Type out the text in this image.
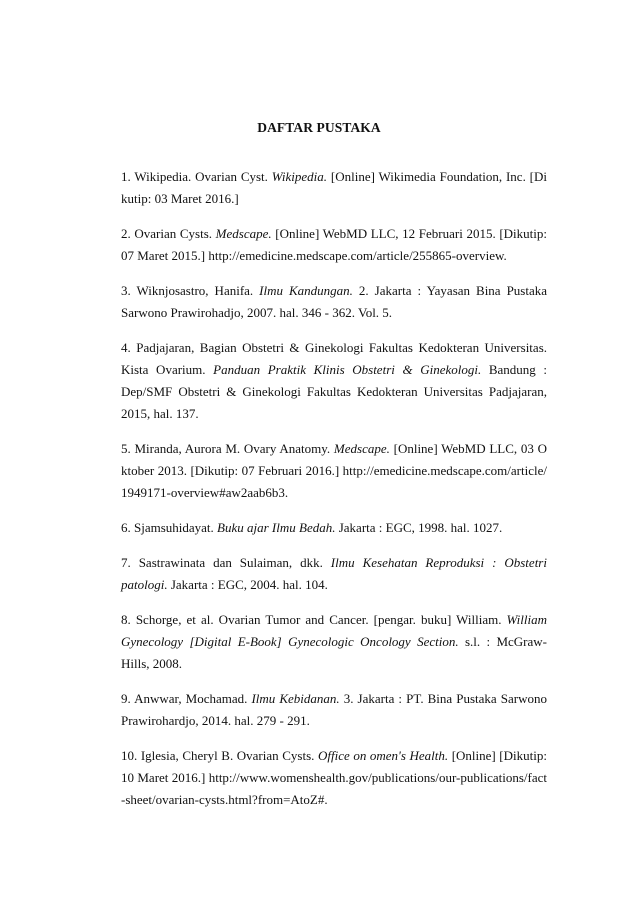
DAFTAR PUSTAKA

1. Wikipedia. Ovarian Cyst. Wikipedia. [Online] Wikimedia Foundation, Inc. [Dikutip: 03 Maret 2016.]

2. Ovarian Cysts. Medscape. [Online] WebMD LLC, 12 Februari 2015. [Dikutip: 07 Maret 2015.] http://emedicine.medscape.com/article/255865-overview.

3. Wiknjosastro, Hanifa. Ilmu Kandungan. 2. Jakarta : Yayasan Bina Pustaka Sarwono Prawirohadjo, 2007. hal. 346 - 362. Vol. 5.

4. Padjajaran, Bagian Obstetri & Ginekologi Fakultas Kedokteran Universitas. Kista Ovarium. Panduan Praktik Klinis Obstetri & Ginekologi. Bandung : Dep/SMF Obstetri & Ginekologi Fakultas Kedokteran Universitas Padjajaran, 2015, hal. 137.

5. Miranda, Aurora M. Ovary Anatomy. Medscape. [Online] WebMD LLC, 03 Oktober 2013. [Dikutip: 07 Februari 2016.] http://emedicine.medscape.com/article/1949171-overview#aw2aab6b3.

6. Sjamsuhidayat. Buku ajar Ilmu Bedah. Jakarta : EGC, 1998. hal. 1027.

7. Sastrawinata dan Sulaiman, dkk. Ilmu Kesehatan Reproduksi : Obstetri patologi. Jakarta : EGC, 2004. hal. 104.

8. Schorge, et al. Ovarian Tumor and Cancer. [pengar. buku] William. William Gynecology [Digital E-Book] Gynecologic Oncology Section. s.l. : McGraw-Hills, 2008.

9. Anwwar, Mochamad. Ilmu Kebidanan. 3. Jakarta : PT. Bina Pustaka Sarwono Prawirohardjo, 2014. hal. 279 - 291.

10. Iglesia, Cheryl B. Ovarian Cysts. Office on omen's Health. [Online] [Dikutip: 10 Maret 2016.] http://www.womenshealth.gov/publications/our-publications/fact-sheet/ovarian-cysts.html?from=AtoZ#.
